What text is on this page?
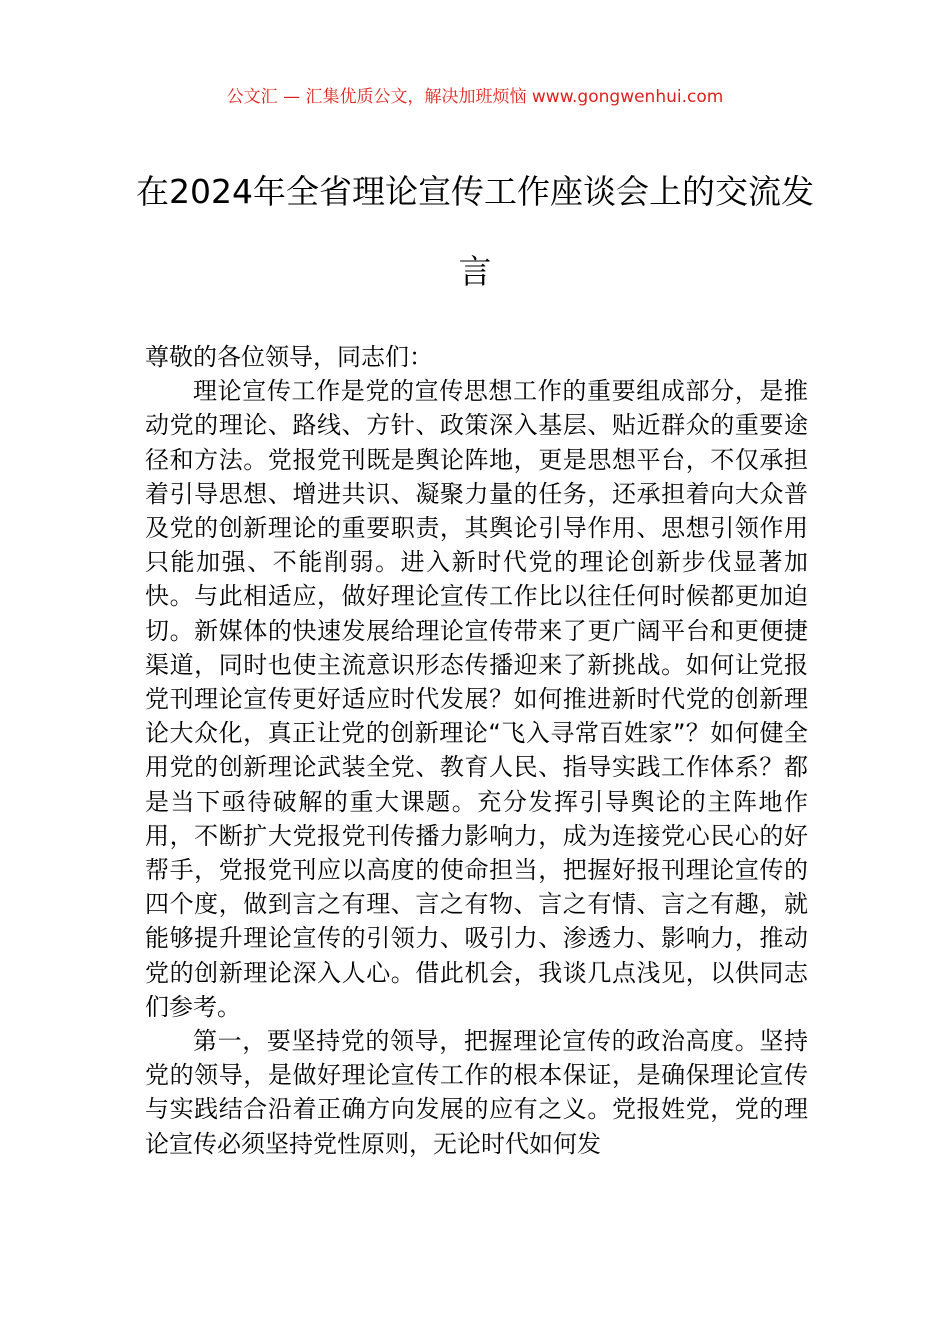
公文汇 — 汇集优质公文，解决加班烦恼 www.gongwenhui.com
在2024年全省理论宣传工作座谈会上的交流发言

尊敬的各位领导，同志们：

理论宣传工作是党的宣传思想工作的重要组成部分，是推动党的理论、路线、方针、政策深入基层、贴近群众的重要途径和方法。党报党刊既是舆论阵地，更是思想平台，不仅承担着引导思想、增进共识、凝聚力量的任务，还承担着向大众普及党的创新理论的重要职责，其舆论引导作用、思想引领作用只能加强、不能削弱。进入新时代党的理论创新步伐显著加快。与此相适应，做好理论宣传工作比以往任何时候都更加迫切。新媒体的快速发展给理论宣传带来了更广阔平台和更便捷渠道，同时也使主流意识形态传播迎来了新挑战。如何让党报党刊理论宣传更好适应时代发展？如何推进新时代党的创新理论大众化，真正让党的创新理论“飞入寻常百姓家”？如何健全用党的创新理论武装全党、教育人民、指导实践工作体系？都是当下亟待破解的重大课题。充分发挥引导舆论的主阵地作用，不断扩大党报党刊传播力影响力，成为连接党心民心的好帮手，党报党刊应以高度的使命担当，把握好报刊理论宣传的四个度，做到言之有理、言之有物、言之有情、言之有趣，就能够提升理论宣传的引领力、吸引力、渗透力、影响力，推动党的创新理论深入人心。借此机会，我谈几点浅见，以供同志们参考。

第一，要坚持党的领导，把握理论宣传的政治高度。坚持党的领导，是做好理论宣传工作的根本保证，是确保理论宣传与实践结合沿着正确方向发展的应有之义。党报姓党，党的理论宣传必须坚持党性原则，无论时代如何发
